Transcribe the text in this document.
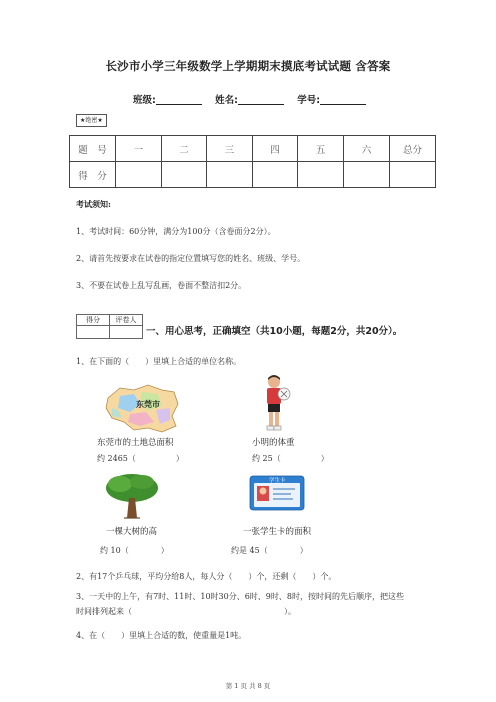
长沙市小学三年级数学上学期期末摸底考试试题 含答案
班级:	姓名:	学号:
★绝密★
题　号	一	二	三	四	五	六	总分
得　分							
考试须知:
1、考试时间：60分钟，满分为100分（含卷面分2分）。
2、请首先按要求在试卷的指定位置填写您的姓名、班级、学号。
3、不要在试卷上乱写乱画，卷面不整洁扣2分。
得分	评卷人

一、用心思考，正确填空（共10小题，每题2分，共20分）。
1、在下面的（　　）里填上合适的单位名称。
东莞市
东莞市的土地总面积
约 2465（　　　　　）
小明的体重
约 25（　　　　　）
一棵大树的高
约 10（　　　　）
学生卡
一张学生卡的面积
约是 45（　　　　）
2、有17个乒乓球，平均分给8人，每人分（　　）个，还剩（　　）个。
3、一天中的上午，有7时、11时、10时30分、6时、9时、8时，按时间的先后顺序，把这些
时间排列起来（　　　　　　　　　　　　　　　　　　　）。
4、在（　　）里填上合适的数，使重量是1吨。
第 1 页 共 8 页
